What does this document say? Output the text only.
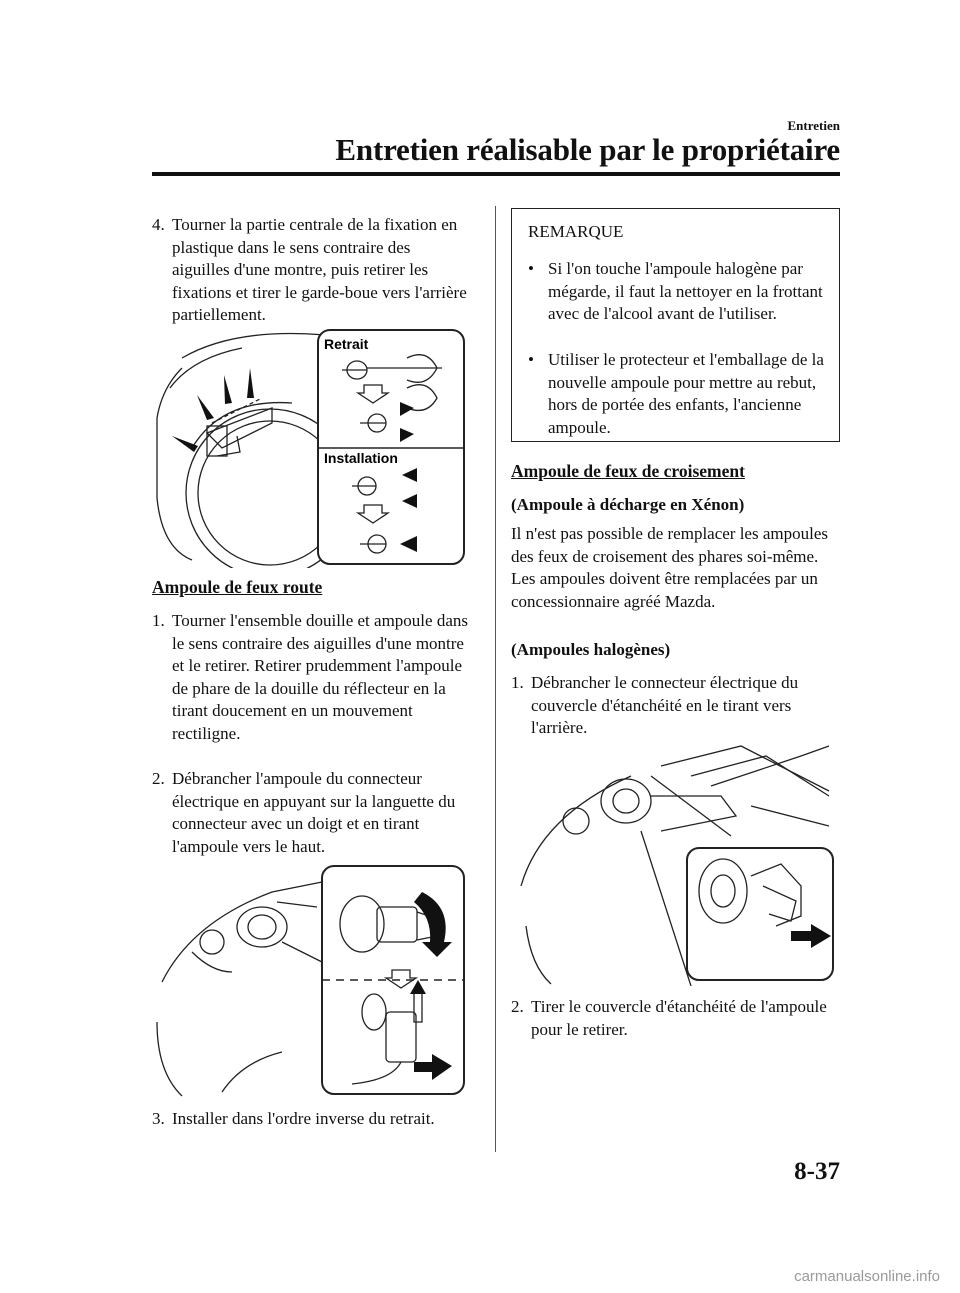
Entretien
Entretien réalisable par le propriétaire
4. Tourner la partie centrale de la fixation en plastique dans le sens contraire des aiguilles d'une montre, puis retirer les fixations et tirer le garde-boue vers l'arrière partiellement.
Retrait
Installation
Ampoule de feux route
1. Tourner l'ensemble douille et ampoule dans le sens contraire des aiguilles d'une montre et le retirer. Retirer prudemment l'ampoule de phare de la douille du réflecteur en la tirant doucement en un mouvement rectiligne.
2. Débrancher l'ampoule du connecteur électrique en appuyant sur la languette du connecteur avec un doigt et en tirant l'ampoule vers le haut.
3. Installer dans l'ordre inverse du retrait.
REMARQUE
• Si l'on touche l'ampoule halogène par mégarde, il faut la nettoyer en la frottant avec de l'alcool avant de l'utiliser.
• Utiliser le protecteur et l'emballage de la nouvelle ampoule pour mettre au rebut, hors de portée des enfants, l'ancienne ampoule.
Ampoule de feux de croisement
(Ampoule à décharge en Xénon)
Il n'est pas possible de remplacer les ampoules des feux de croisement des phares soi-même.
Les ampoules doivent être remplacées par un concessionnaire agréé Mazda.
(Ampoules halogènes)
1. Débrancher le connecteur électrique du couvercle d'étanchéité en le tirant vers l'arrière.
2. Tirer le couvercle d'étanchéité de l'ampoule pour le retirer.
8-37
carmanualsonline.info
